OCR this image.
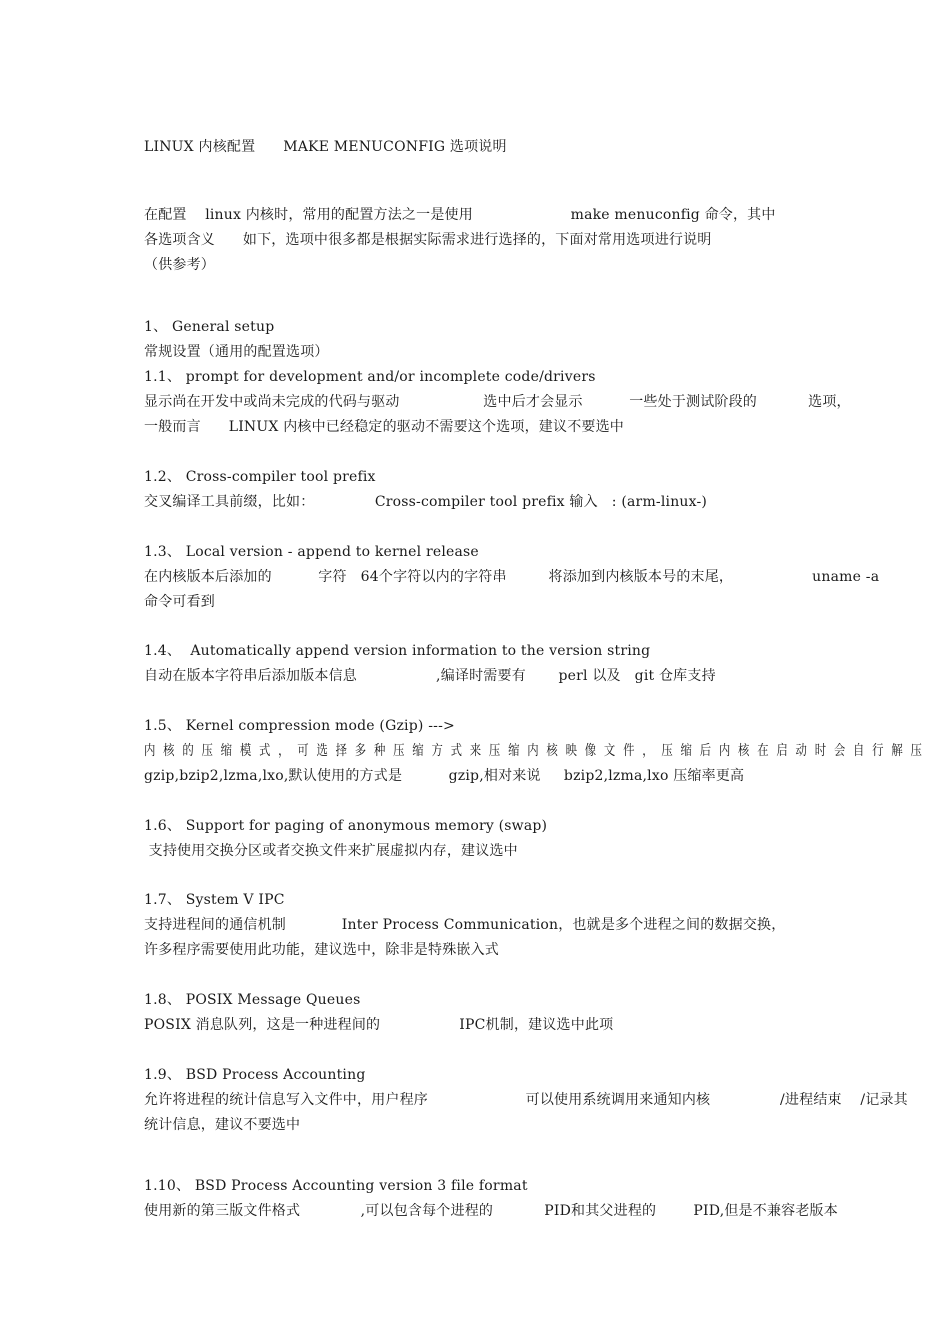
LINUX 内核配置      MAKE MENUCONFIG 选项说明
在配置    linux 内核时，常用的配置方法之一是使用                     make menuconfig 命令，其中
各选项含义      如下，选项中很多都是根据实际需求进行选择的，下面对常用选项进行说明
（供参考）
1、 General setup
常规设置（通用的配置选项）
1.1、 prompt for development and/or incomplete code/drivers
显示尚在开发中或尚未完成的代码与驱动                  选中后才会显示          一些处于测试阶段的           选项，
一般而言      LINUX 内核中已经稳定的驱动不需要这个选项，建议不要选中
1.2、 Cross-compiler tool prefix
交叉编译工具前缀，比如：             Cross-compiler tool prefix 输入   : (arm-linux-)
1.3、 Local version - append to kernel release
在内核版本后添加的          字符   64个字符以内的字符串         将添加到内核版本号的末尾，                 uname -a
命令可看到
1.4、  Automatically append version information to the version string
自动在版本字符串后添加版本信息                 ,编译时需要有       perl 以及   git 仓库支持
1.5、 Kernel compression mode (Gzip) --->
内核的压缩模式，可选择多种压缩方式来压缩内核映像文件，压缩后内核在启动时会自行解压
gzip,bzip2,lzma,lxo,默认使用的方式是          gzip,相对来说     bzip2,lzma,lxo 压缩率更高
1.6、 Support for paging of anonymous memory (swap)
支持使用交换分区或者交换文件来扩展虚拟内存，建议选中
1.7、 System V IPC
支持进程间的通信机制            Inter Process Communication，也就是多个进程之间的数据交换，
许多程序需要使用此功能，建议选中，除非是特殊嵌入式
1.8、 POSIX Message Queues
POSIX 消息队列，这是一种进程间的                 IPC机制，建议选中此项
1.9、 BSD Process Accounting
允许将进程的统计信息写入文件中，用户程序                     可以使用系统调用来通知内核               /进程结束    /记录其
统计信息，建议不要选中
1.10、 BSD Process Accounting version 3 file format
使用新的第三版文件格式             ,可以包含每个进程的           PID和其父进程的        PID,但是不兼容老版本
